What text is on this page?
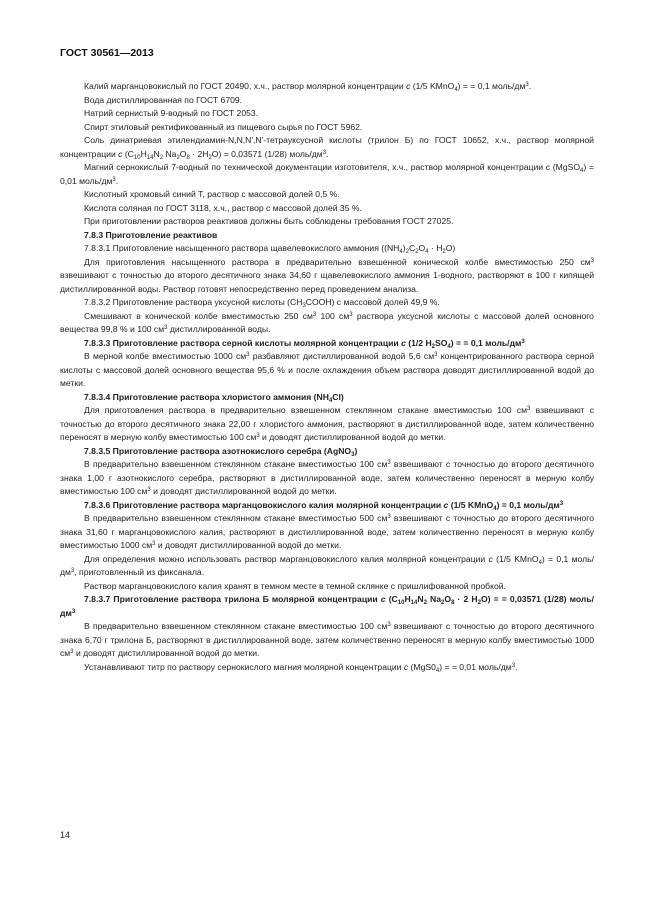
ГОСТ 30561—2013

Калий марганцовокислый по ГОСТ 20490, х.ч., раствор молярной концентрации c (1/5 KMnO$_4$) = = 0,1 моль/$дм^3$.

Вода дистиллированная по ГОСТ 6709.

Натрий сернистый 9-водный по ГОСТ 2053.

Спирт этиловый ректификованный из пищевого сырья по ГОСТ 5962.

Соль динатриевая этилендиамин-N,N,N',N'-тетрауксусной кислоты (трилон Б) по ГОСТ 10652, х.ч., раствор молярной концентрации c ($C_{10}H_{14}N_2$ $Na_2O_8 \cdot 2H_2O) = 0,03571$ (1/28) моль/$дм^3$.

Магний сернокислый 7-водный по технической документации изготовителя, х.ч., раствор молярной концентрации c (MgSO$_4$) = 0,01 моль/$дм^3$.

Кислотный хромовый синий Т, раствор с массовой долей 0,5 %.

Кислота соляная по ГОСТ 3118, х.ч., раствор с массовой долей 35 %.

При приготовлении растворов реактивов должны быть соблюдены требования ГОСТ 27025.

7.8.3 Приготовление реактивов

7.8.3.1 Приготовление насыщенного раствора щавелевокислого аммония $((NH_4)_2C_2O_4 \cdot H_2O)$

Для приготовления насыщенного раствора в предварительно взвешенной конической колбе вместимостью 250 $см^3$ взвешивают с точностью до второго десятичного знака 34,60 г щавелевокислого аммония 1-водного, растворяют в 100 г кипящей дистиллированной воды. Раствор готовят непосредственно перед проведением анализа.

7.8.3.2 Приготовление раствора уксусной кислоты $(CH_3COOH)$ с массовой долей 49,9 %.

Смешивают в конической колбе вместимостью 250 $см^3$ 100 $см^3$ раствора уксусной кислоты с массовой долей основного вещества 99,8 % и 100 $см^3$ дистиллированной воды.

7.8.3.3 Приготовление раствора серной кислоты молярной концентрации c (1/2 $H_2SO_4$) = = 0,1 моль/$дм^3$

В мерной колбе вместимостью 1000 $см^3$ разбавляют дистиллированной водой 5,6 $см^3$ концентрированного раствора серной кислоты с массовой долей основного вещества 95,6 % и после охлаждения объем раствора доводят дистиллированной водой до метки.

7.8.3.4 Приготовление раствора хлористого аммония $(NH_4Cl)$

Для приготовления раствора в предварительно взвешенном стеклянном стакане вместимостью 100 $см^3$ взвешивают с точностью до второго десятичного знака 22,00 г хлористого аммония, растворяют в дистиллированной воде, затем количественно переносят в мерную колбу вместимостью 100 $см^3$ и доводят дистиллированной водой до метки.

7.8.3.5 Приготовление раствора азотнокислого серебра (AgNO$_3$)

В предварительно взвешенном стеклянном стакане вместимостью 100 $см^3$ взвешивают с точностью до второго десятичного знака 1,00 г азотнокислого серебра, растворяют в дистиллированной воде, затем количественно переносят в мерную колбу вместимостью 100 $см^3$ и доводят дистиллированной водой до метки.

7.8.3.6 Приготовление раствора марганцовокислого калия молярной концентрации c (1/5 KMnO$_4$) = 0,1 моль/$дм^3$

В предварительно взвешенном стеклянном стакане вместимостью 500 $см^3$ взвешивают с точностью до второго десятичного знака 31,60 г марганцовокислого калия, растворяют в дистиллированной воде, затем количественно переносят в мерную колбу вместимостью 1000 $см^3$ и доводят дистиллированной водой до метки.

Для определения можно использовать раствор марганцовокислого калия молярной концентрации c (1/5 KMnO$_4$) = 0,1 моль/$дм^3$, приготовленный из фиксанала.

Раствор марганцовокислого калия хранят в темном месте в темной склянке с пришлифованной пробкой.

7.8.3.7 Приготовление раствора трилона Б молярной концентрации c ($C_{10}H_{14}N_2$ $Na_2O_8 \cdot 2$ $H_2O$) = = 0,03571 (1/28) моль/$дм^3$

В предварительно взвешенном стеклянном стакане вместимостью 100 $см^3$ взвешивают с точностью до второго десятичного знака 6,70 г трилона Б, растворяют в дистиллированной воде, затем количественно переносят в мерную колбу вместимостью 1000 $см^3$ и доводят дистиллированной водой до метки.

Устанавливают титр по раствору сернокислого магния молярной концентрации c $(MgS0_4)$ = = 0,01 моль/$дм^3$.

14
